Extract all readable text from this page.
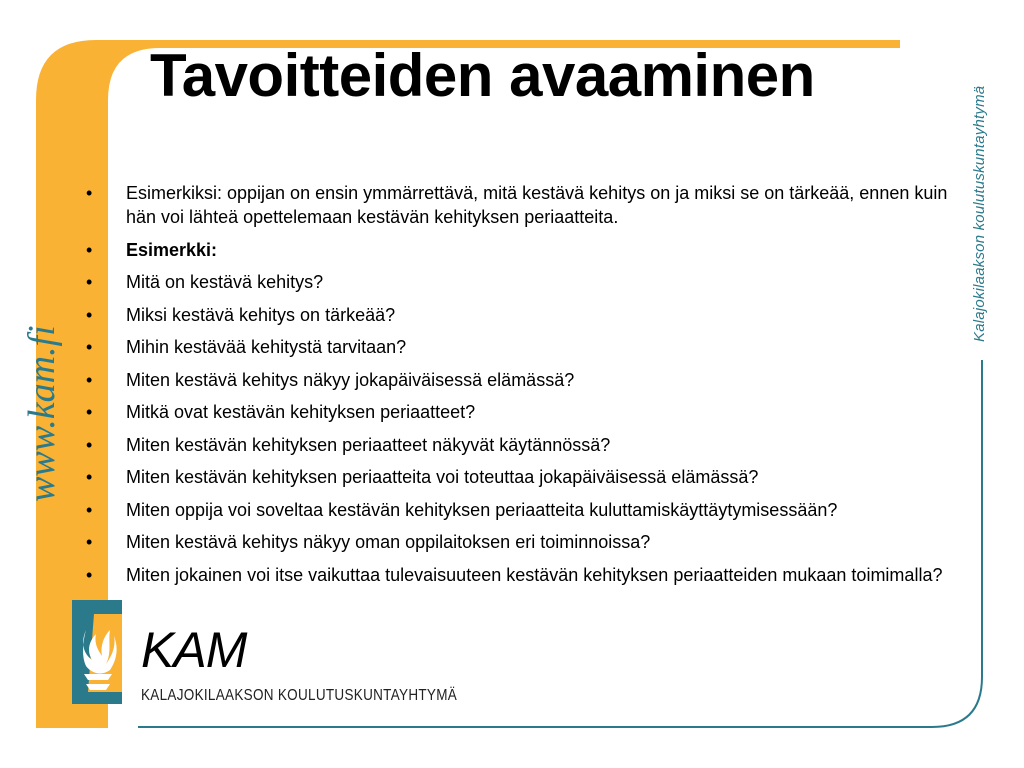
Tavoitteiden avaaminen
www.kam.fi
Kalajokilaakson koulutuskuntayhtymä
•	Esimerkiksi: oppijan on ensin ymmärrettävä, mitä kestävä kehitys on ja miksi se on tärkeää, ennen kuin hän voi lähteä opettelemaan kestävän kehityksen periaatteita.
•	Esimerkki:
•	Mitä on kestävä kehitys?
•	Miksi kestävä kehitys on tärkeää?
•	Mihin kestävää kehitystä tarvitaan?
•	Miten kestävä kehitys näkyy jokapäiväisessä elämässä?
•	Mitkä ovat kestävän kehityksen periaatteet?
•	Miten kestävän kehityksen periaatteet näkyvät käytännössä?
•	Miten kestävän kehityksen periaatteita voi toteuttaa jokapäiväisessä elämässä?
•	Miten oppija voi soveltaa kestävän kehityksen periaatteita kuluttamiskäyttäytymisessään?
•	Miten kestävä kehitys näkyy oman oppilaitoksen eri toiminnoissa?
•	Miten jokainen voi itse vaikuttaa tulevaisuuteen kestävän kehityksen periaatteiden mukaan toimimalla?
KAM
KALAJOKILAAKSON KOULUTUSKUNTAYHTYMÄ
